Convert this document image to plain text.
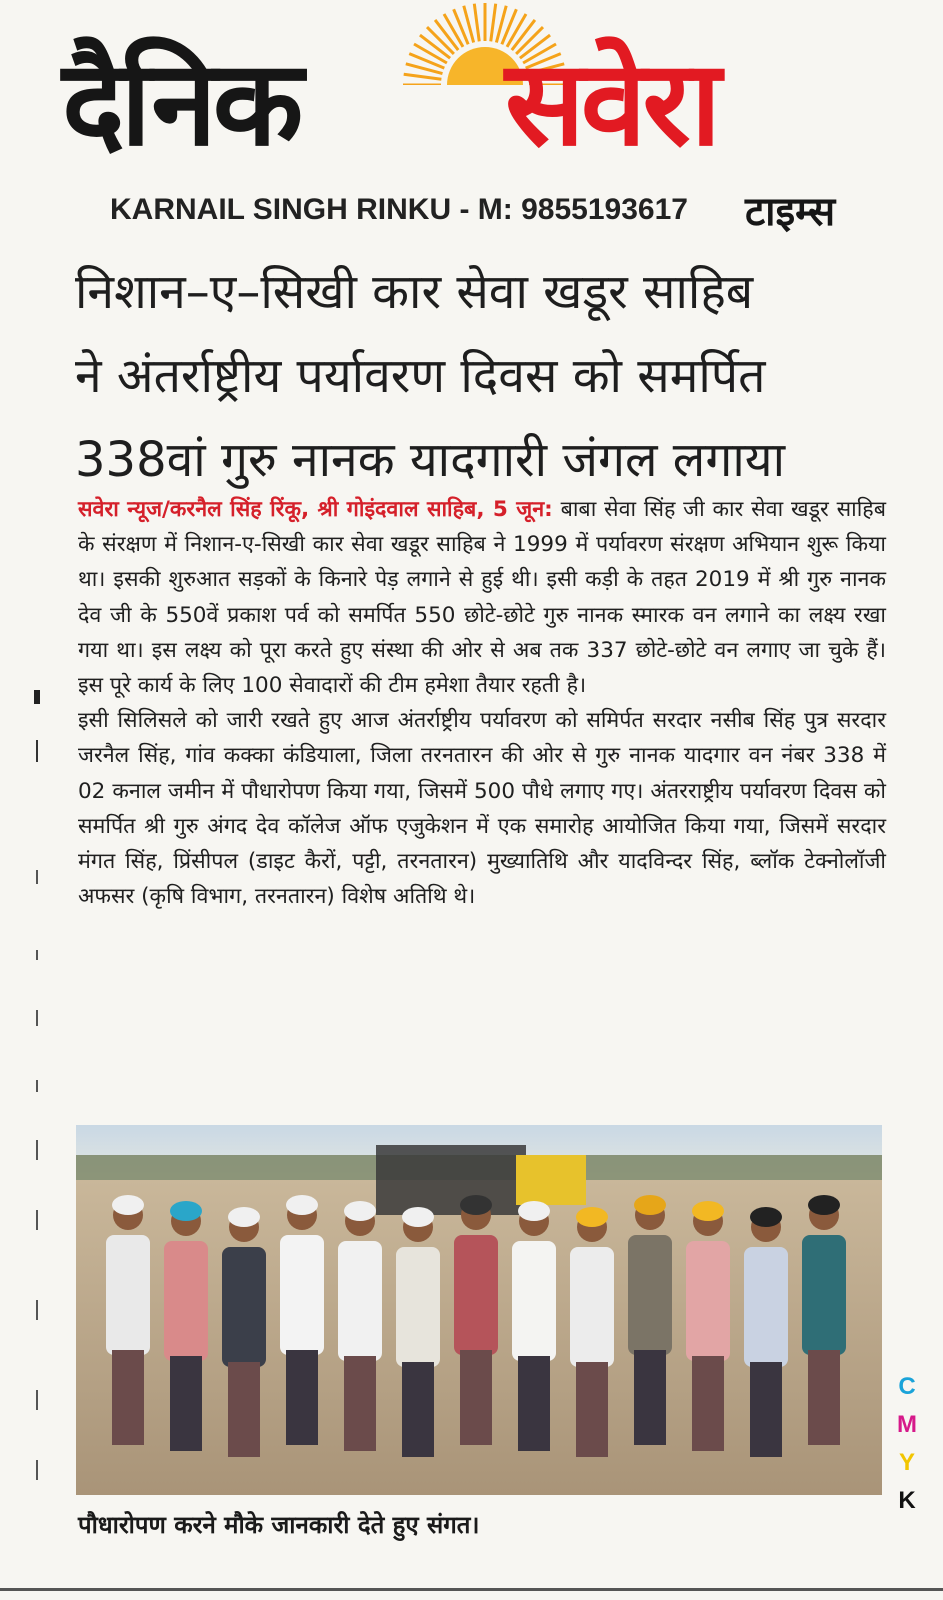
दैनिक सवेरा
KARNAIL SINGH RINKU - M: 9855193617 टाइम्स
निशान–ए–सिखी कार सेवा खडूर साहिब
ने अंतर्राष्ट्रीय पर्यावरण दिवस को समर्पित
338वां गुरु नानक यादगारी जंगल लगाया

सवेरा न्यूज/करनैल सिंह रिंकू, श्री गोइंदवाल साहिब, 5 जून: बाबा सेवा सिंह जी कार सेवा खडूर साहिब के संरक्षण में निशान-ए-सिखी कार सेवा खडूर साहिब ने 1999 में पर्यावरण संरक्षण अभियान शुरू किया था। इसकी शुरुआत सड़कों के किनारे पेड़ लगाने से हुई थी। इसी कड़ी के तहत 2019 में श्री गुरु नानक देव जी के 550वें प्रकाश पर्व को समर्पित 550 छोटे-छोटे गुरु नानक स्मारक वन लगाने का लक्ष्य रखा गया था। इस लक्ष्य को पूरा करते हुए संस्था की ओर से अब तक 337 छोटे-छोटे वन लगाए जा चुके हैं। इस पूरे कार्य के लिए 100 सेवादारों की टीम हमेशा तैयार रहती है।

इसी सिलिसले को जारी रखते हुए आज अंतर्राष्ट्रीय पर्यावरण को समिर्पत सरदार नसीब सिंह पुत्र सरदार जरनैल सिंह, गांव कक्का कंडियाला, जिला तरनतारन की ओर से गुरु नानक यादगार वन नंबर 338 में 02 कनाल जमीन में पौधारोपण किया गया, जिसमें 500 पौधे लगाए गए। अंतरराष्ट्रीय पर्यावरण दिवस को समर्पित श्री गुरु अंगद देव कॉलेज ऑफ एजुकेशन में एक समारोह आयोजित किया गया, जिसमें सरदार मंगत सिंह, प्रिंसीपल (डाइट कैरों, पट्टी, तरनतारन) मुख्यातिथि और यादविन्दर सिंह, ब्लॉक टेक्नोलॉजी अफसर (कृषि विभाग, तरनतारन) विशेष अतिथि थे।

पौधारोपण करने मौके जानकारी देते हुए संगत।
C
M
Y
K
